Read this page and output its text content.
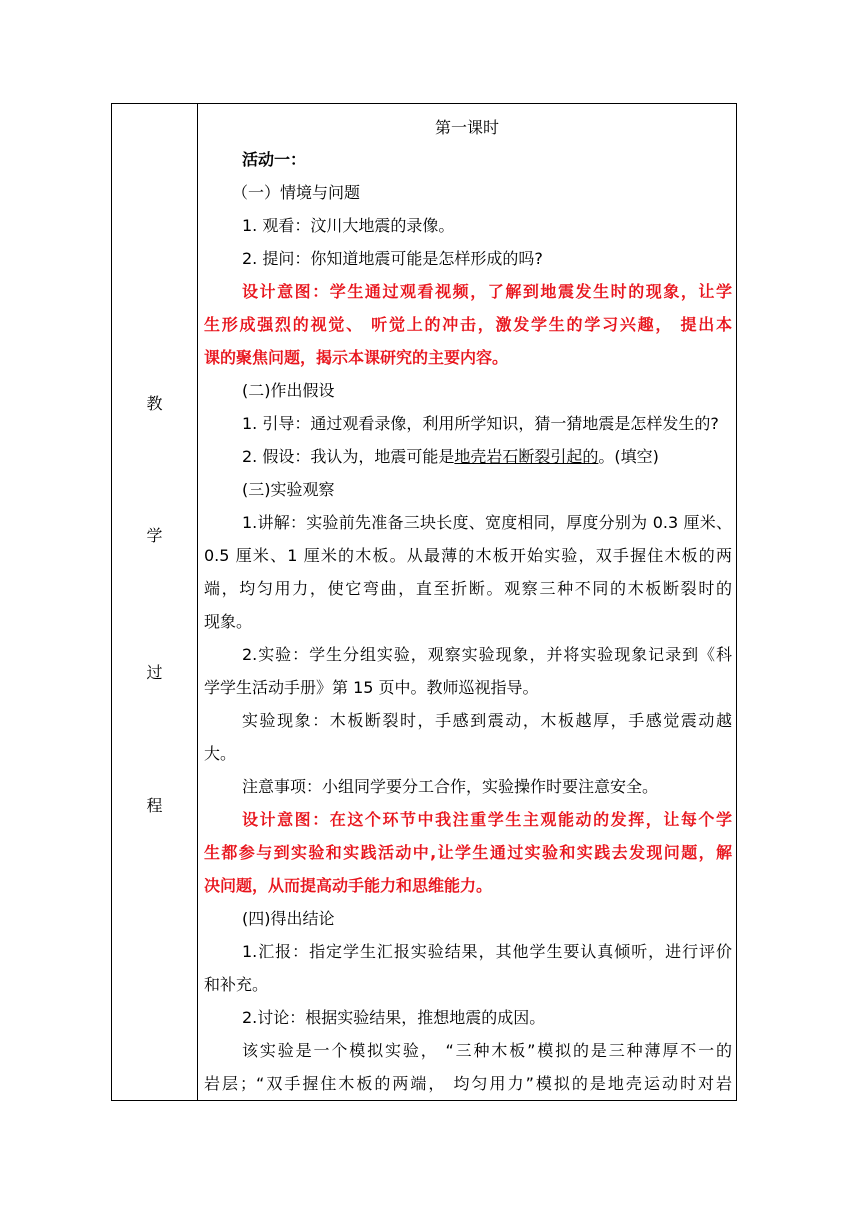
教
学
过
程

第一课时
活动一：
（一）情境与问题
1. 观看：汶川大地震的录像。
2. 提问：你知道地震可能是怎样形成的吗?
设计意图：学生通过观看视频，了解到地震发生时的现象，让学
生形成强烈的视觉、 听觉上的冲击，激发学生的学习兴趣， 提出本
课的聚焦问题，揭示本课研究的主要内容。
(二)作出假设
1. 引导：通过观看录像，利用所学知识，猜一猜地震是怎样发生的?
2. 假设：我认为，地震可能是地壳岩石断裂引起的。(填空)
(三)实验观察
1.讲解：实验前先准备三块长度、宽度相同，厚度分别为 0.3 厘米、
0.5 厘米、1 厘米的木板。从最薄的木板开始实验，双手握住木板的两
端，均匀用力，使它弯曲，直至折断。观察三种不同的木板断裂时的
现象。
2.实验：学生分组实验，观察实验现象，并将实验现象记录到《科
学学生活动手册》第 15 页中。教师巡视指导。
实验现象：木板断裂时，手感到震动，木板越厚，手感觉震动越
大。
注意事项：小组同学要分工合作，实验操作时要注意安全。
设计意图：在这个环节中我注重学生主观能动的发挥，让每个学
生都参与到实验和实践活动中,让学生通过实验和实践去发现问题，解
决问题，从而提高动手能力和思维能力。
(四)得出结论
1.汇报：指定学生汇报实验结果，其他学生要认真倾听，进行评价
和补充。
2.讨论：根据实验结果，推想地震的成因。
该实验是一个模拟实验， “三种木板”模拟的是三种薄厚不一的
岩层；“双手握住木板的两端， 均匀用力”模拟的是地壳运动时对岩
